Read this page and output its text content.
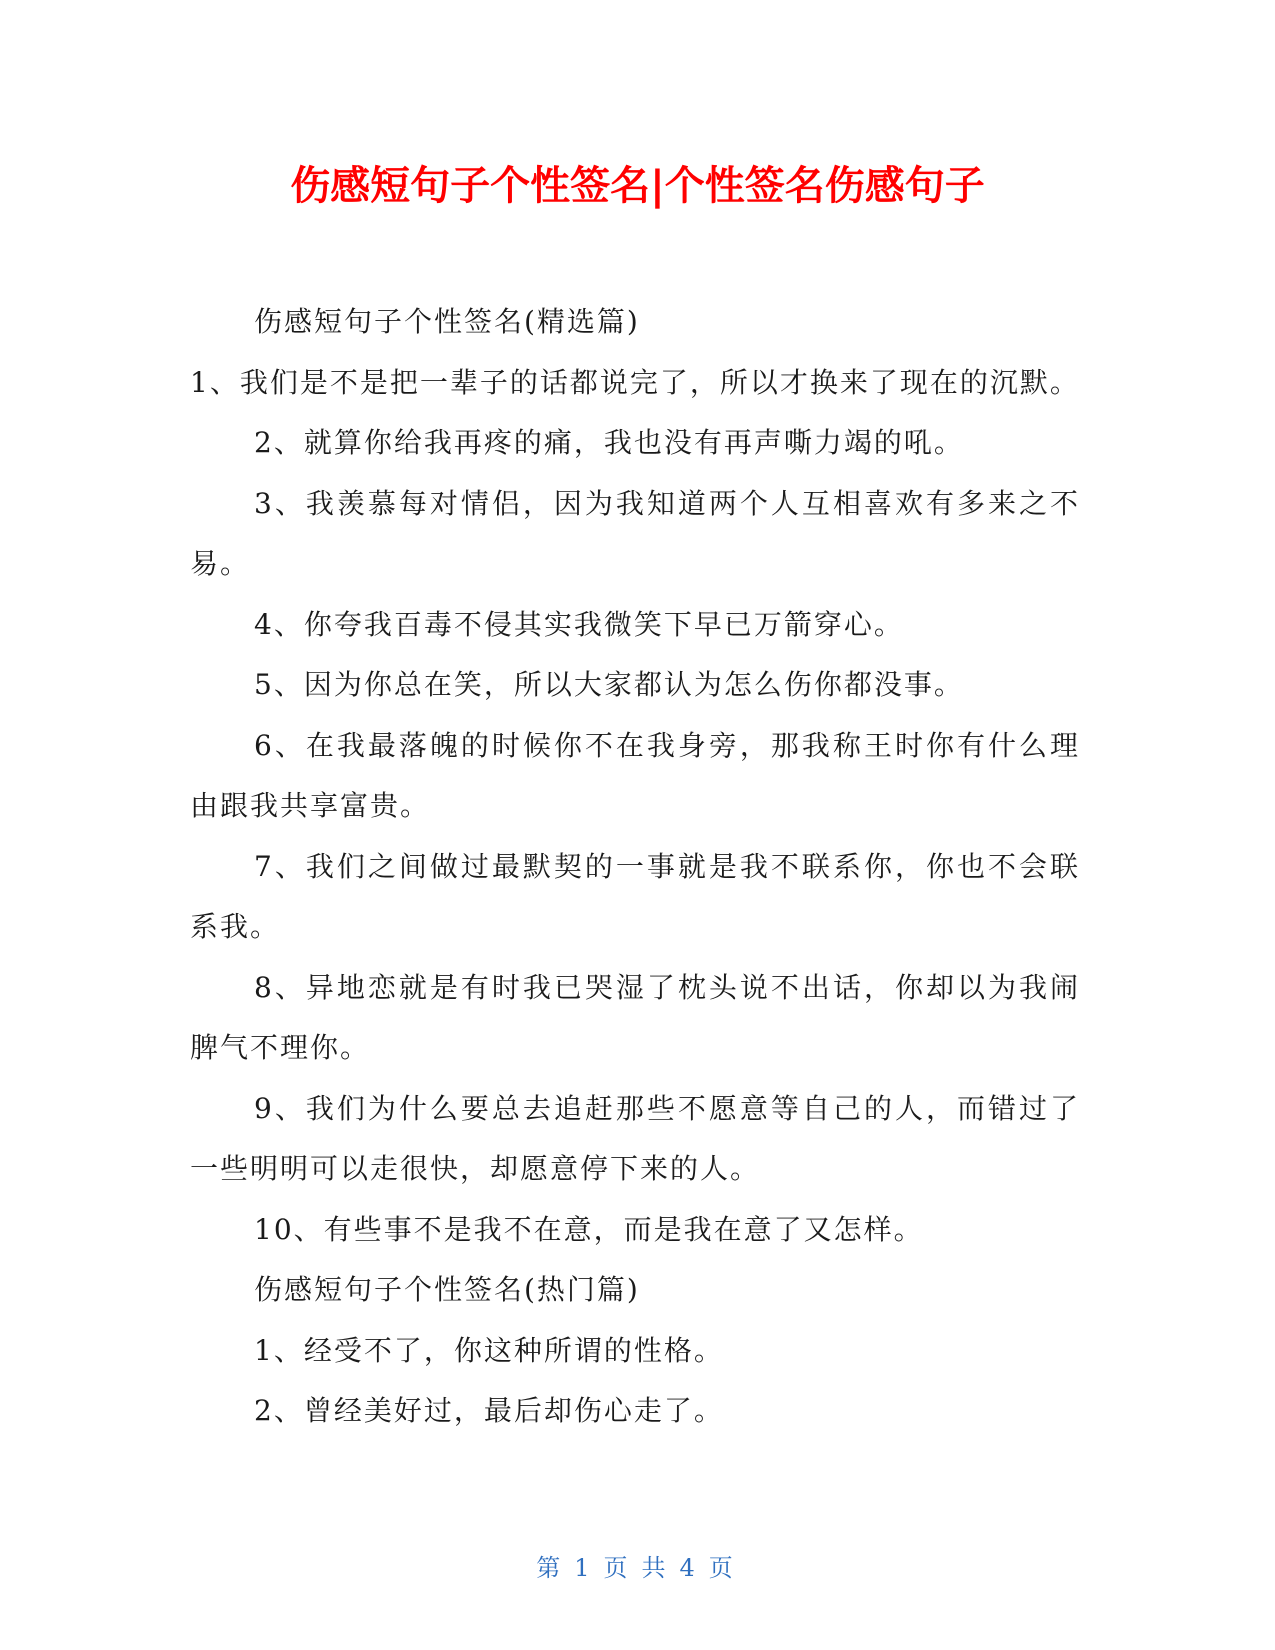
伤感短句子个性签名|个性签名伤感句子

伤感短句子个性签名(精选篇)

1、我们是不是把一辈子的话都说完了，所以才换来了现在的沉默。

2、就算你给我再疼的痛，我也没有再声嘶力竭的吼。

3、我羡慕每对情侣，因为我知道两个人互相喜欢有多来之不易。

4、你夸我百毒不侵其实我微笑下早已万箭穿心。

5、因为你总在笑，所以大家都认为怎么伤你都没事。

6、在我最落魄的时候你不在我身旁，那我称王时你有什么理由跟我共享富贵。

7、我们之间做过最默契的一事就是我不联系你，你也不会联系我。

8、异地恋就是有时我已哭湿了枕头说不出话，你却以为我闹脾气不理你。

9、我们为什么要总去追赶那些不愿意等自己的人，而错过了一些明明可以走很快，却愿意停下来的人。

10、有些事不是我不在意，而是我在意了又怎样。

伤感短句子个性签名(热门篇)

1、经受不了，你这种所谓的性格。

2、曾经美好过，最后却伤心走了。

第 1 页 共 4 页
